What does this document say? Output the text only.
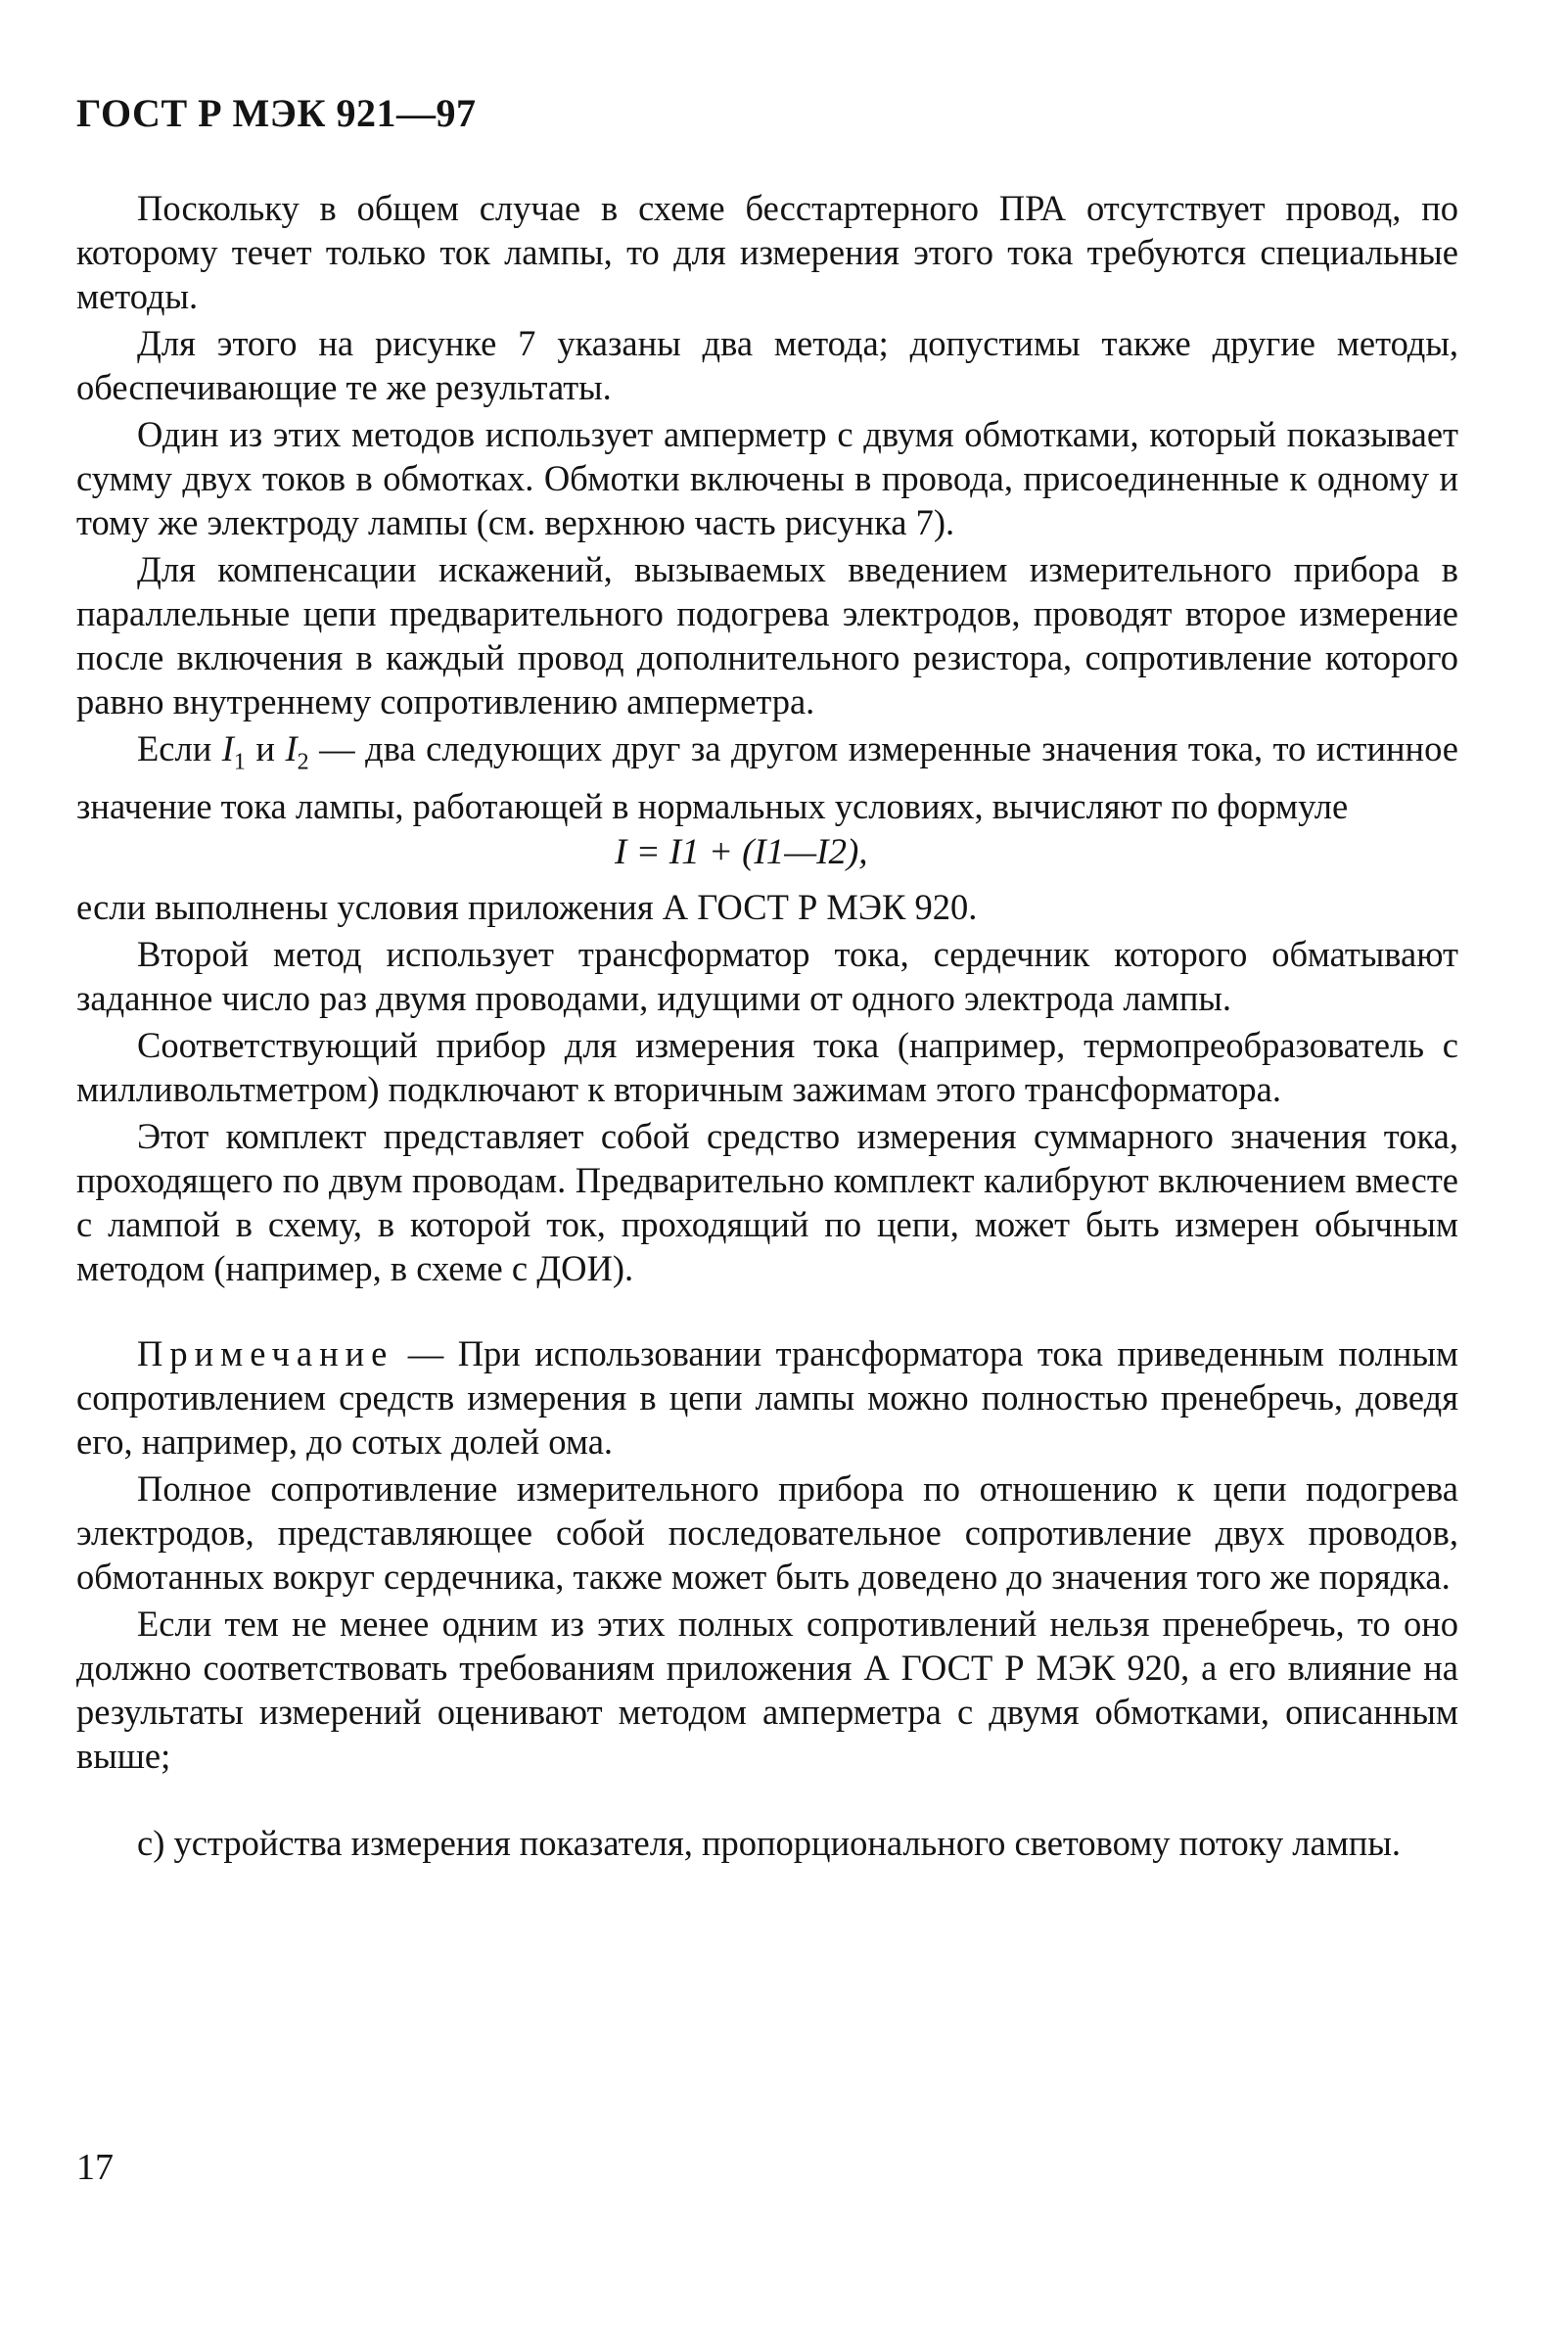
ГОСТ Р МЭК 921—97

Поскольку в общем случае в схеме бесстартерного ПРА отсутствует провод, по которому течет только ток лампы, то для измерения этого тока требуются специальные методы.

Для этого на рисунке 7 указаны два метода; допустимы также другие методы, обеспечивающие те же результаты.

Один из этих методов использует амперметр с двумя обмотками, который показывает сумму двух токов в обмотках. Обмотки включены в провода, присоединенные к одному и тому же электроду лампы (см. верхнюю часть рисунка 7).

Для компенсации искажений, вызываемых введением измерительного прибора в параллельные цепи предварительного подогрева электродов, проводят второе измерение после включения в каждый провод дополнительного резистора, сопротивление которого равно внутреннему сопротивлению амперметра.

Если $I_1$ и $I_2$ — два следующих друг за другом измеренные значения тока, то истинное значение тока лампы, работающей в нормальных условиях, вычисляют по формуле

I = I1 + (I1—I2),

если выполнены условия приложения А ГОСТ Р МЭК 920.

Второй метод использует трансформатор тока, сердечник которого обматывают заданное число раз двумя проводами, идущими от одного электрода лампы.

Соответствующий прибор для измерения тока (например, термопреобразователь с милливольтметром) подключают к вторичным зажимам этого трансформатора.

Этот комплект представляет собой средство измерения суммарного значения тока, проходящего по двум проводам. Предварительно комплект калибруют включением вместе с лампой в схему, в которой ток, проходящий по цепи, может быть измерен обычным методом (например, в схеме с ДОИ).

Примечание — При использовании трансформатора тока приведенным полным сопротивлением средств измерения в цепи лампы можно полностью пренебречь, доведя его, например, до сотых долей ома.

Полное сопротивление измерительного прибора по отношению к цепи подогрева электродов, представляющее собой последовательное сопротивление двух проводов, обмотанных вокруг сердечника, также может быть доведено до значения того же порядка.

Если тем не менее одним из этих полных сопротивлений нельзя пренебречь, то оно должно соответствовать требованиям приложения А ГОСТ Р МЭК 920, а его влияние на результаты измерений оценивают методом амперметра с двумя обмотками, описанным выше;

с) устройства измерения показателя, пропорционального световому потоку лампы.

17
